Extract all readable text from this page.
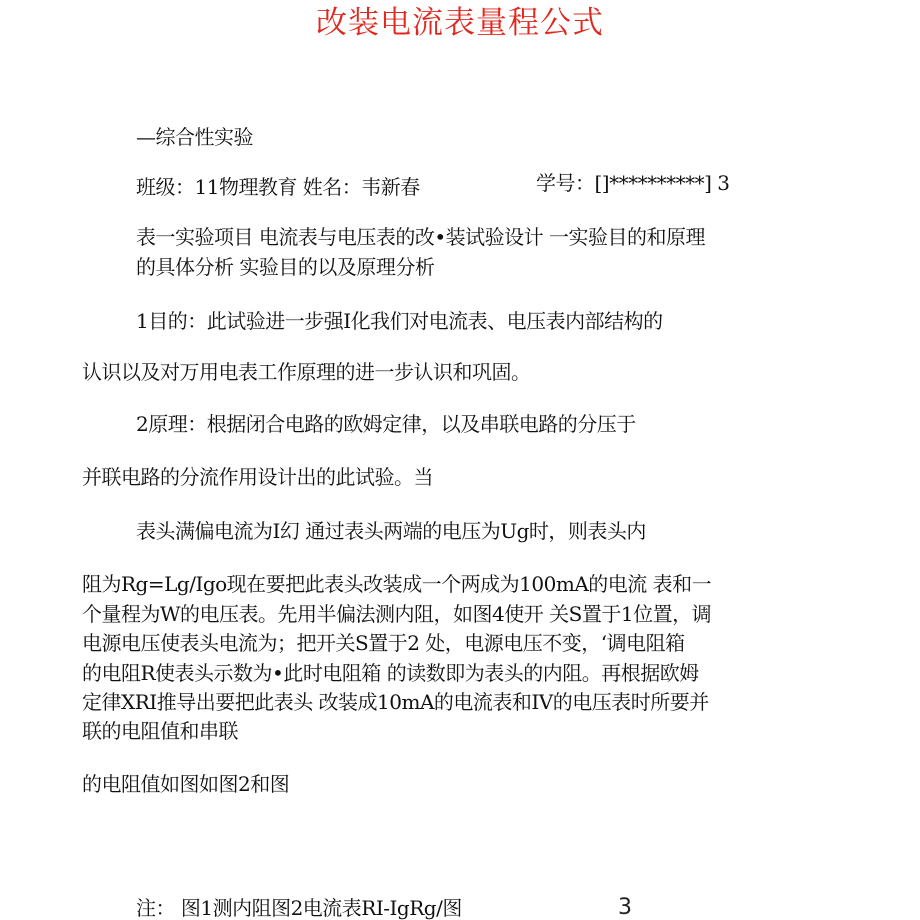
改装电流表量程公式
—综合性实验
班级：11物理教育 姓名：韦新春	学号：[]**********] 3
表一实验项目 电流表与电压表的改•装试验设计 一实验目的和原理
的具体分析 实验目的以及原理分析
1目的：此试验进一步强I化我们对电流表、电压表内部结构的
认识以及对万用电表工作原理的进一步认识和巩固。
2原理：根据闭合电路的欧姆定律，以及串联电路的分压于
并联电路的分流作用设计出的此试验。当
表头满偏电流为I幻 通过表头两端的电压为Ug时，则表头内
阻为Rg=Lg/Igo现在要把此表头改装成一个两成为100mA的电流 表和一
个量程为W的电压表。先用半偏法测内阻，如图4使开 关S置于1位置，调
电源电压使表头电流为；把开关S置于2 处，电源电压不变，‘调电阻箱
的电阻R使表头示数为•此时电阻箱 的读数即为表头的内阻。再根据欧姆
定律XRI推导出要把此表头 改装成10mA的电流表和IV的电压表时所要并
联的电阻值和串联
的电阻值如图如图2和图
注： 图1测内阻图2电流表RI-IgRg/图	3
